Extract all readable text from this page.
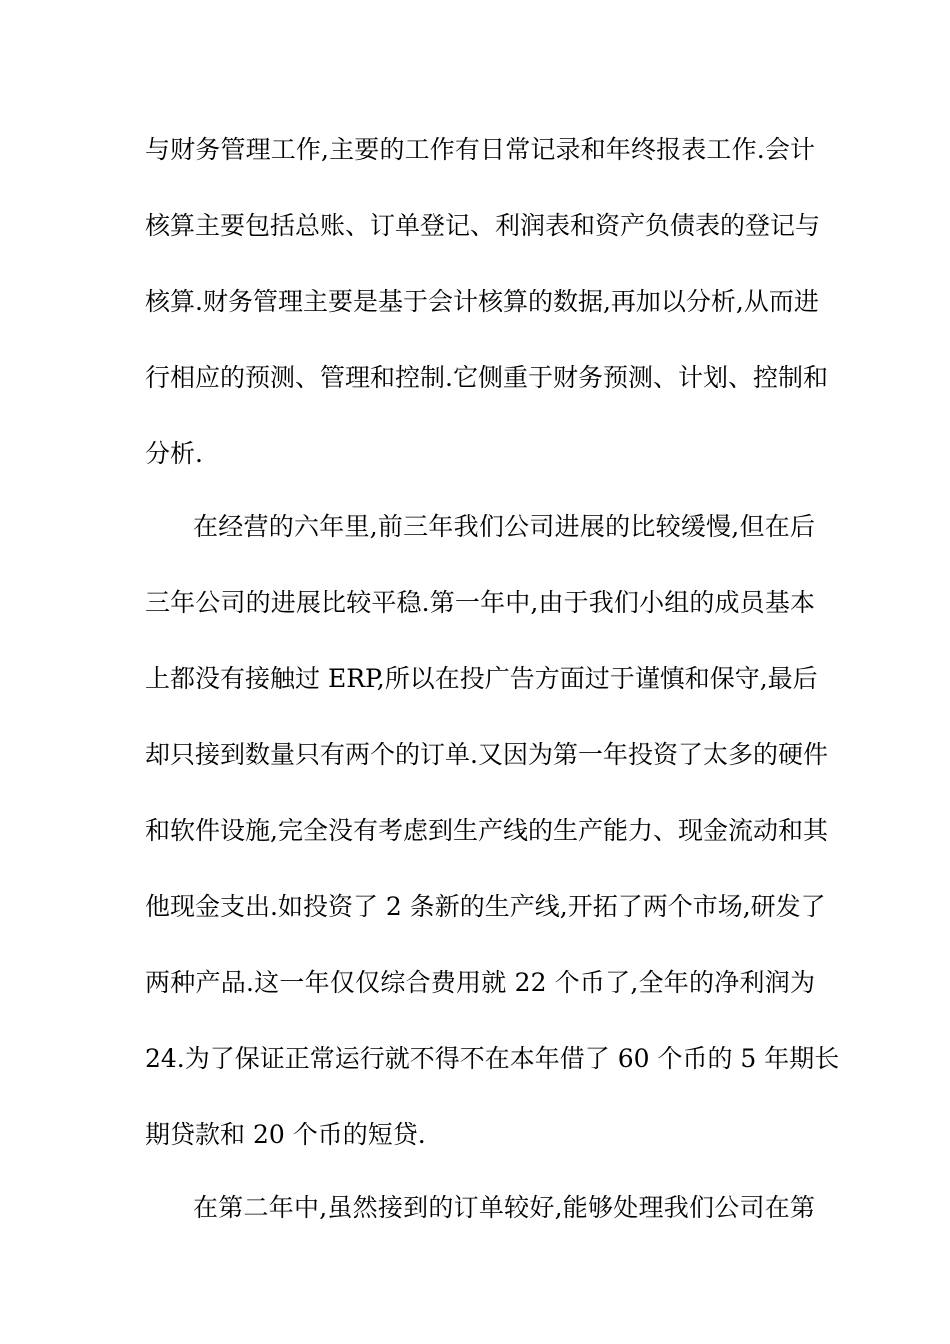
与财务管理工作,主要的工作有日常记录和年终报表工作.会计
核算主要包括总账、订单登记、利润表和资产负债表的登记与
核算.财务管理主要是基于会计核算的数据,再加以分析,从而进
行相应的预测、管理和控制.它侧重于财务预测、计划、控制和
分析.
在经营的六年里,前三年我们公司进展的比较缓慢,但在后
三年公司的进展比较平稳.第一年中,由于我们小组的成员基本
上都没有接触过 ERP,所以在投广告方面过于谨慎和保守,最后
却只接到数量只有两个的订单.又因为第一年投资了太多的硬件
和软件设施,完全没有考虑到生产线的生产能力、现金流动和其
他现金支出.如投资了 2 条新的生产线,开拓了两个市场,研发了
两种产品.这一年仅仅综合费用就 22 个币了,全年的净利润为
24.为了保证正常运行就不得不在本年借了 60 个币的 5 年期长
期贷款和 20 个币的短贷.
在第二年中,虽然接到的订单较好,能够处理我们公司在第
